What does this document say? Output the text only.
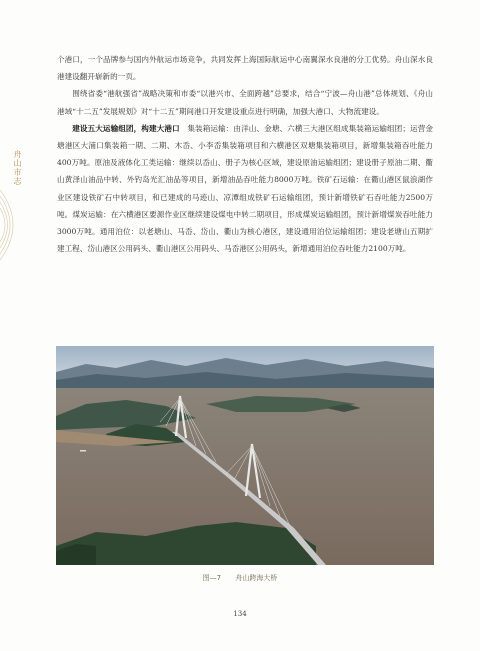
舟山市志

个港口，一个品牌参与国内外航运市场竞争，共同发挥上海国际航运中心南翼深水良港的分工优势。舟山深水良港建设翻开崭新的一页。

围绕省委“港航强省”战略决策和市委“以港兴市、全面跨越”总要求，结合“宁波—舟山港”总体规划、《舟山港域“十二五”发展规划》对“十二五”期间港口开发建设重点进行明确，加强大港口、大物流建设。

建设五大运输组团，构建大港口　集装箱运输：由洋山、金塘、六横三大港区组成集装箱运输组团；运营金塘港区大浦口集装箱一期、二期、木岙、小李岙集装箱项目和六横港区双塘集装箱项目，新增集装箱吞吐能力400万吨。原油及液体化工类运输：继续以岙山、册子为核心区域，建设原油运输组团；建设册子原油二期、衢山黄泽山油品中转、外钓岛光汇油品等项目，新增油品吞吐能力8000万吨。铁矿石运输：在衢山港区鼠浪湖作业区建设铁矿石中转项目，和已建成的马迹山、凉潭组成铁矿石运输组团，预计新增铁矿石吞吐能力2500万吨。煤炭运输：在六横港区要源作业区继续建设煤电中转二期项目，形成煤炭运输组团，预计新增煤炭吞吐能力3000万吨。通用泊位：以老塘山、马岙、岱山、衢山为核心港区，建设通用泊位运输组团；建设老塘山五期扩建工程、岱山港区公用码头、衢山港区公用码头、马岙港区公用码头，新增通用泊位吞吐能力2100万吨。

图—7 舟山跨海大桥
134
